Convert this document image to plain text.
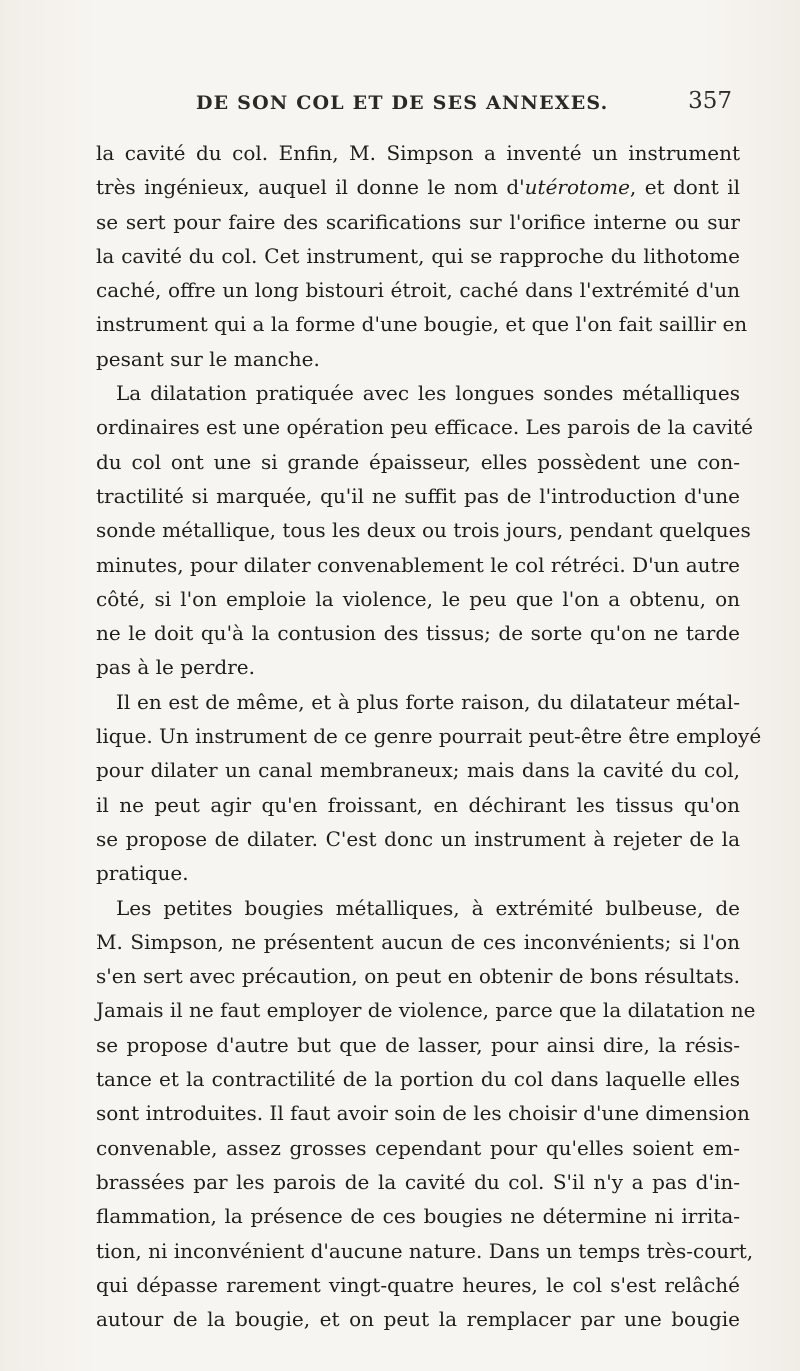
DE SON COL ET DE SES ANNEXES.	357
la cavité du col. Enfin, M. Simpson a inventé un instrument
très ingénieux, auquel il donne le nom d'utérotome, et dont il
se sert pour faire des scarifications sur l'orifice interne ou sur
la cavité du col. Cet instrument, qui se rapproche du lithotome
caché, offre un long bistouri étroit, caché dans l'extrémité d'un
instrument qui a la forme d'une bougie, et que l'on fait saillir en
pesant sur le manche.
La dilatation pratiquée avec les longues sondes métalliques
ordinaires est une opération peu efficace. Les parois de la cavité
du col ont une si grande épaisseur, elles possèdent une con-
tractilité si marquée, qu'il ne suffit pas de l'introduction d'une
sonde métallique, tous les deux ou trois jours, pendant quelques
minutes, pour dilater convenablement le col rétréci. D'un autre
côté, si l'on emploie la violence, le peu que l'on a obtenu, on
ne le doit qu'à la contusion des tissus; de sorte qu'on ne tarde
pas à le perdre.
Il en est de même, et à plus forte raison, du dilatateur métal-
lique. Un instrument de ce genre pourrait peut-être être employé
pour dilater un canal membraneux; mais dans la cavité du col,
il ne peut agir qu'en froissant, en déchirant les tissus qu'on
se propose de dilater. C'est donc un instrument à rejeter de la
pratique.
Les petites bougies métalliques, à extrémité bulbeuse, de
M. Simpson, ne présentent aucun de ces inconvénients; si l'on
s'en sert avec précaution, on peut en obtenir de bons résultats.
Jamais il ne faut employer de violence, parce que la dilatation ne
se propose d'autre but que de lasser, pour ainsi dire, la résis-
tance et la contractilité de la portion du col dans laquelle elles
sont introduites. Il faut avoir soin de les choisir d'une dimension
convenable, assez grosses cependant pour qu'elles soient em-
brassées par les parois de la cavité du col. S'il n'y a pas d'in-
flammation, la présence de ces bougies ne détermine ni irrita-
tion, ni inconvénient d'aucune nature. Dans un temps très-court,
qui dépasse rarement vingt-quatre heures, le col s'est relâché
autour de la bougie, et on peut la remplacer par une bougie
